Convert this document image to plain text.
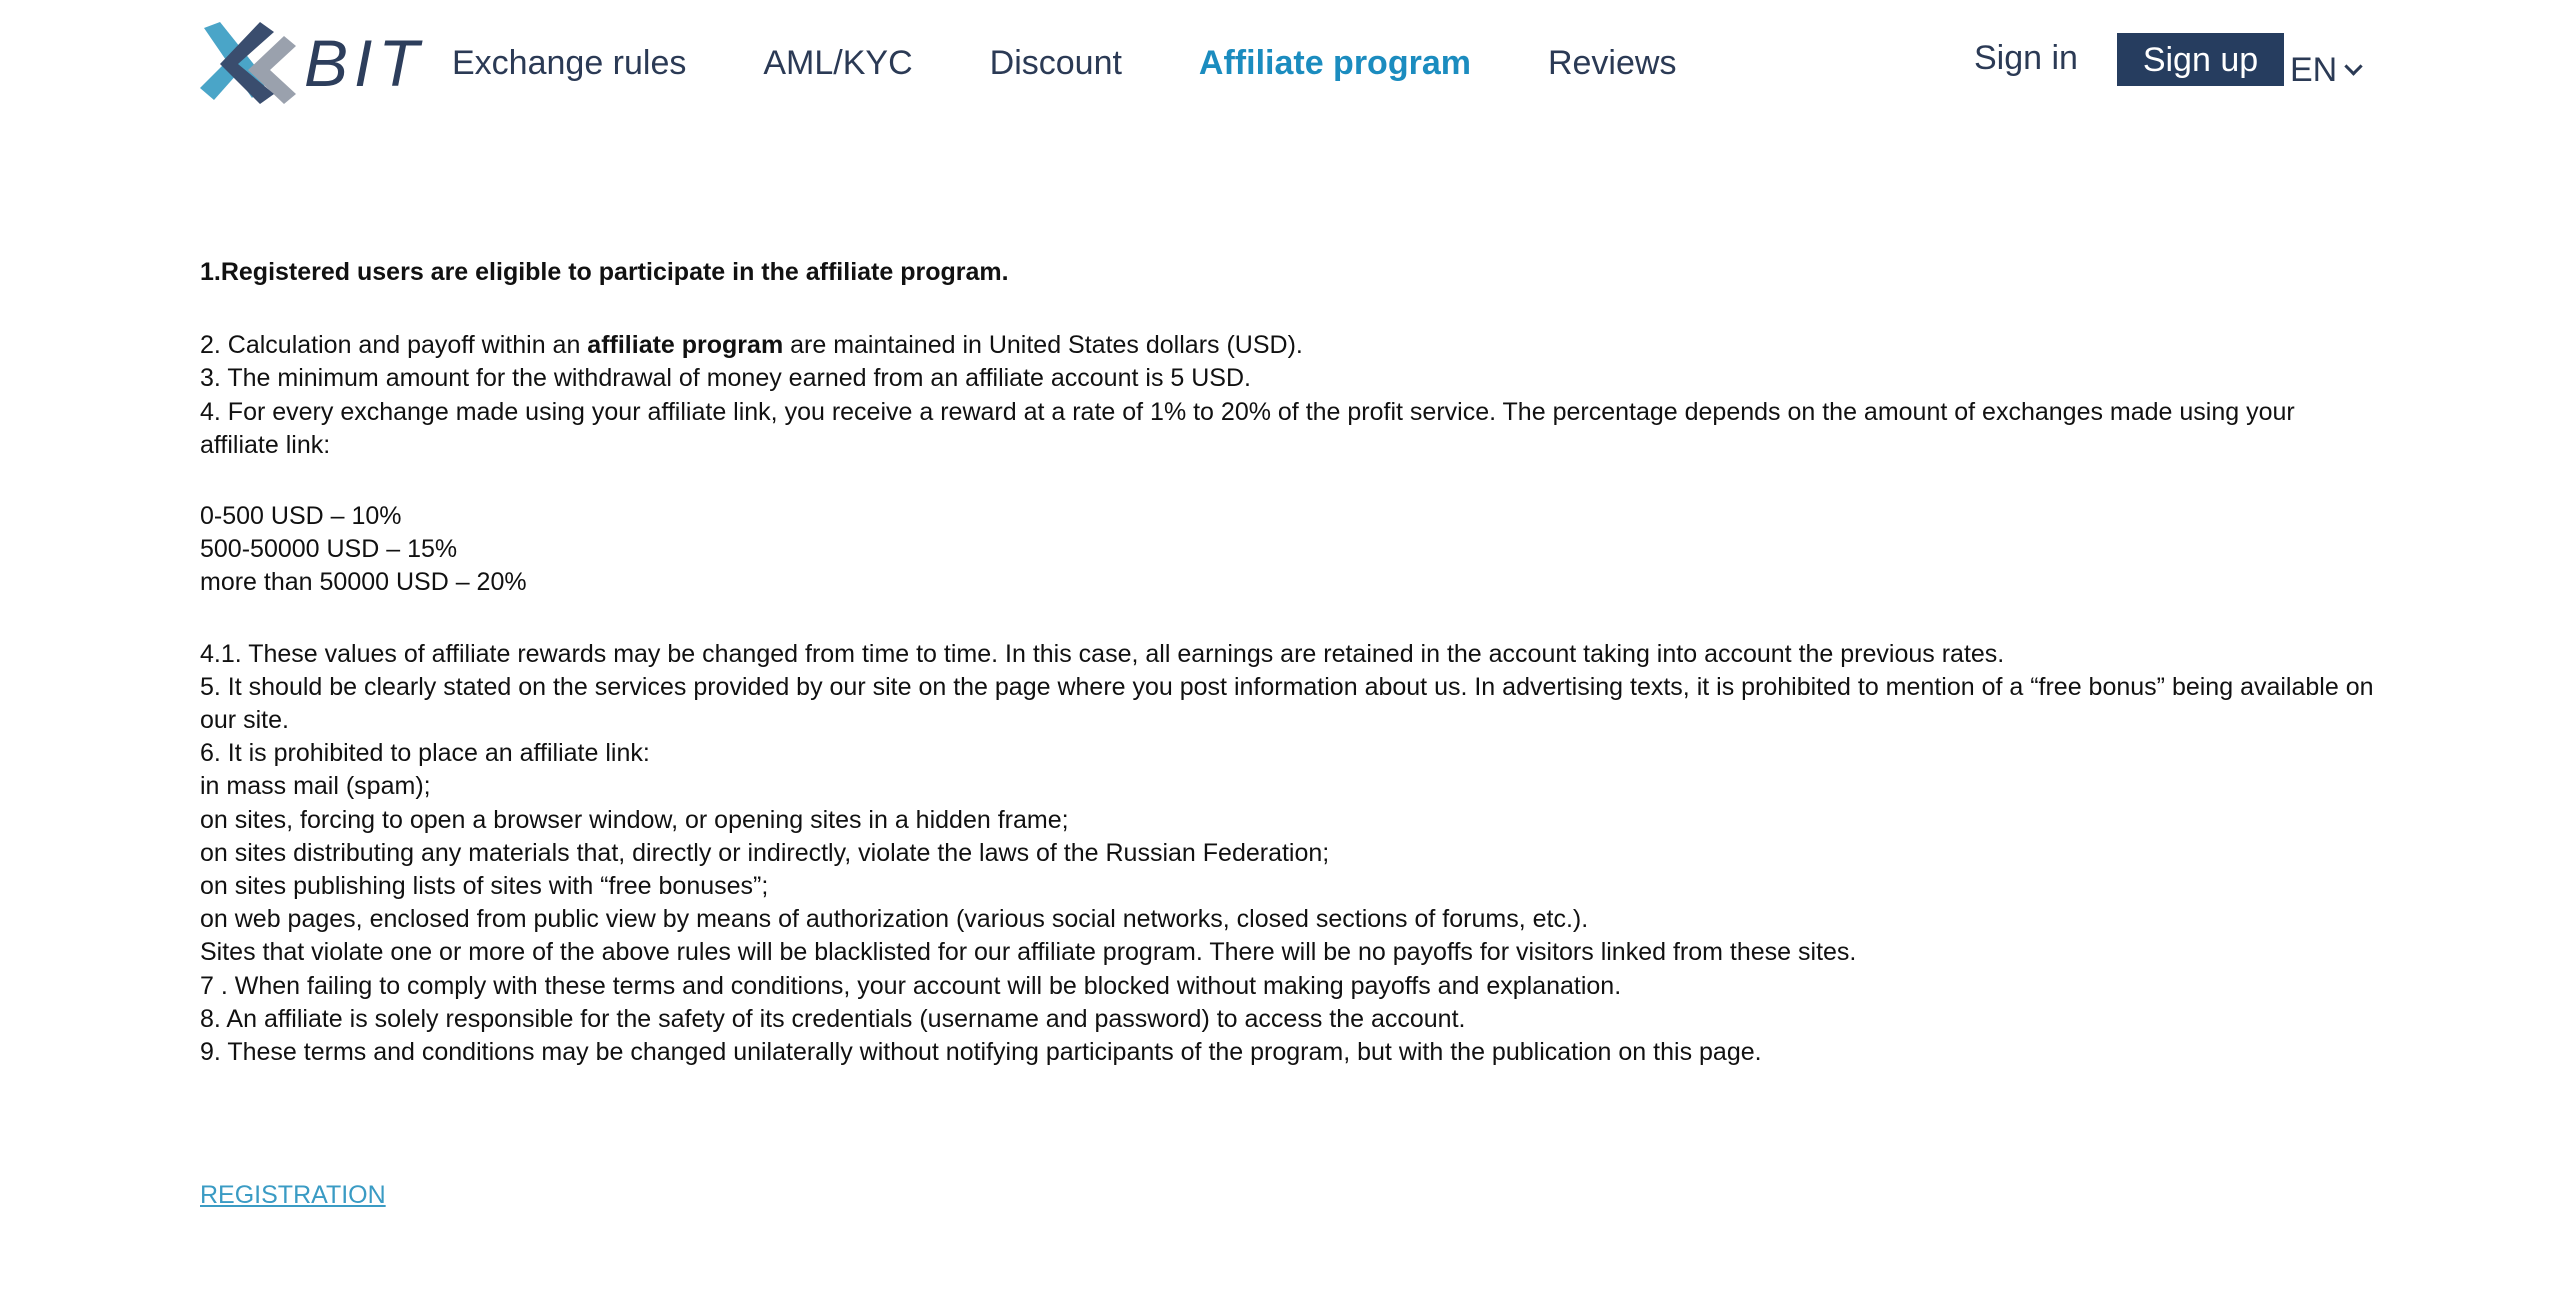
BIT Exchange rules AML/KYC Discount Affiliate program Reviews	Sign in	Sign up EN

1.Registered users are eligible to participate in the affiliate program.

2. Calculation and payoff within an affiliate program are maintained in United States dollars (USD).

3. The minimum amount for the withdrawal of money earned from an affiliate account is 5 USD.

4. For every exchange made using your affiliate link, you receive a reward at a rate of 1% to 20% of the profit service. The percentage depends on the amount of exchanges made using your affiliate link:

0-500 USD – 10%

500-50000 USD – 15%

more than 50000 USD – 20%

4.1. These values of affiliate rewards may be changed from time to time. In this case, all earnings are retained in the account taking into account the previous rates.

5. It should be clearly stated on the services provided by our site on the page where you post information about us. In advertising texts, it is prohibited to mention of a “free bonus” being available on our site.

6. It is prohibited to place an affiliate link:

in mass mail (spam);

on sites, forcing to open a browser window, or opening sites in a hidden frame;

on sites distributing any materials that, directly or indirectly, violate the laws of the Russian Federation;

on sites publishing lists of sites with “free bonuses”;

on web pages, enclosed from public view by means of authorization (various social networks, closed sections of forums, etc.).

Sites that violate one or more of the above rules will be blacklisted for our affiliate program. There will be no payoffs for visitors linked from these sites.

7 . When failing to comply with these terms and conditions, your account will be blocked without making payoffs and explanation.

8. An affiliate is solely responsible for the safety of its credentials (username and password) to access the account.

9. These terms and conditions may be changed unilaterally without notifying participants of the program, but with the publication on this page.

REGISTRATION
